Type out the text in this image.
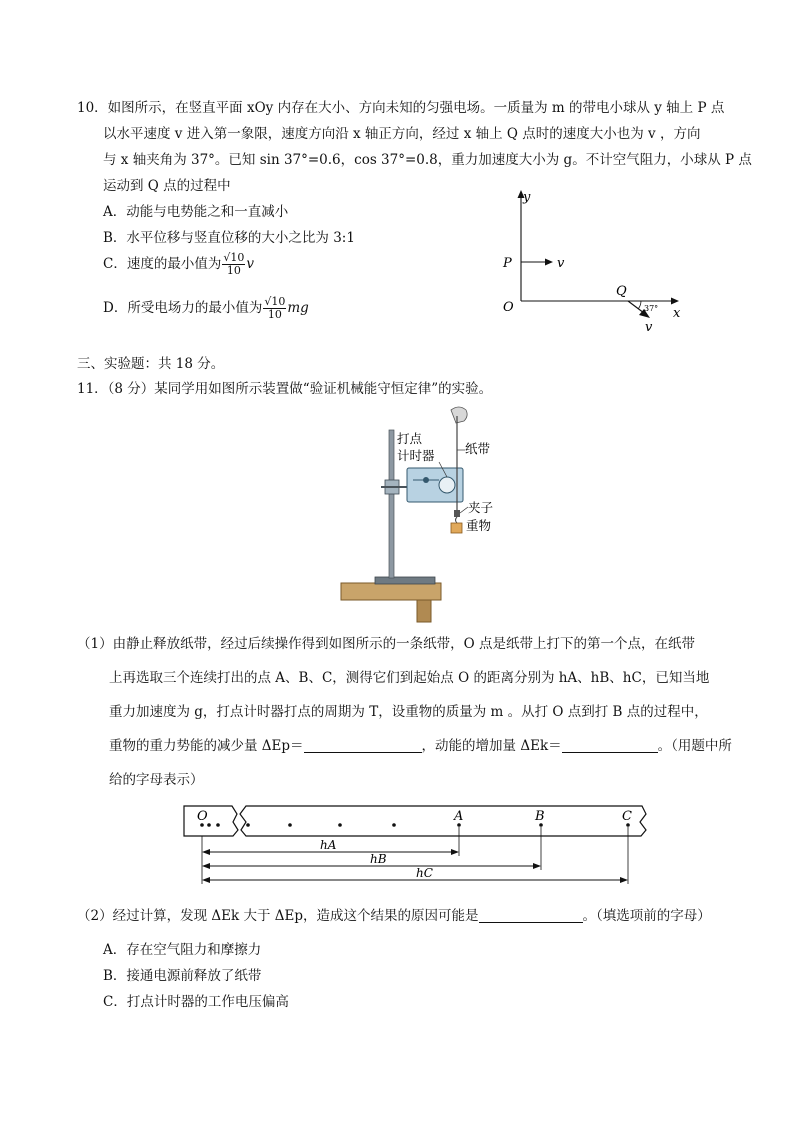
10．如图所示，在竖直平面 xOy 内存在大小、方向未知的匀强电场。一质量为 m 的带电小球从 y 轴上 P 点
以水平速度 v 进入第一象限，速度方向沿 x 轴正方向，经过 x 轴上 Q 点时的速度大小也为 v ，方向
与 x 轴夹角为 37°。已知 sin 37°=0.6，cos 37°=0.8，重力加速度大小为 g。不计空气阻力，小球从 P 点
运动到 Q 点的过程中
A．动能与电势能之和一直减小
B．水平位移与竖直位移的大小之比为 3:1
C．速度的最小值为 $\frac{√10}{10}$ v
D．所受电场力的最小值为 $\frac{√10}{10}$ mg
y
x
O
P	v
Q
v
37°
三、实验题：共 18 分。
11．（8 分）某同学用如图所示装置做“验证机械能守恒定律”的实验。
打点
计时器 纸带
夹子
重物
（1）由静止释放纸带，经过后续操作得到如图所示的一条纸带，O 点是纸带上打下的第一个点，在纸带
上再选取三个连续打出的点 A、B、C，测得它们到起始点 O 的距离分别为 hA、hB、hC，已知当地
重力加速度为 g，打点计时器打点的周期为 T，设重物的质量为 m 。从打 O 点到打 B 点的过程中，
重物的重力势能的减少量 ΔEp＝	，动能的增加量 ΔEk＝	。（用题中所
给的字母表示）
O	A	B	C
hA
hB
hC
（2）经过计算，发现 ΔEk 大于 ΔEp，造成这个结果的原因可能是	。（填选项前的字母）
A．存在空气阻力和摩擦力
B．接通电源前释放了纸带
C．打点计时器的工作电压偏高
